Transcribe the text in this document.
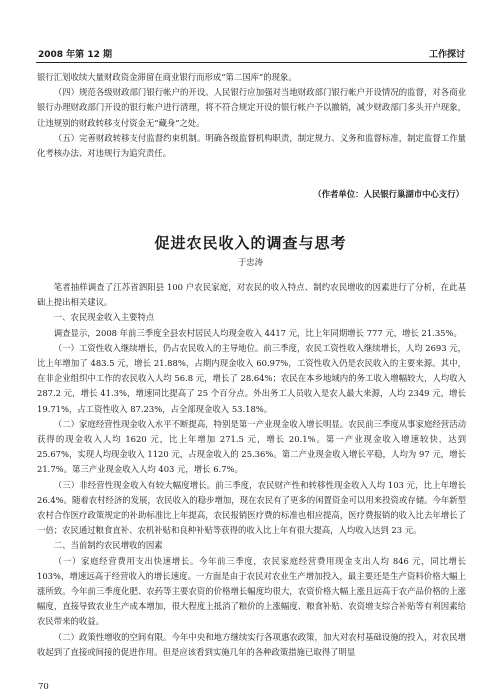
2008 年第 12 期	工作探讨

银行汇划收续大量财政资金滞留在商业银行而形成“第二国库”的现象。

（四）规范各级财政部门银行帐户的开设。人民银行应加强对当地财政部门银行帐户开设情况的监督，对各商业银行办理财政部门开设的银行帐户进行清理，将不符合规定开设的银行帐户予以撤销，减少财政部门多头开户现象，让违规别的财政转移支付资金无“藏身”之处。

（五）完善财政转移支付监督约束机制。明确各级监督机构职责，制定规力、义务和监督标准，制定监督工作量化考核办法、对违规行为追究责任。

（作者单位：人民银行巢湖市中心支行）
促进农民收入的调查与思考
于忠涛

笔者抽样调查了江苏省泗阳县 100 户农民家庭，对农民的收入特点、制约农民增收的因素进行了分析，在此基础上提出相关建议。

一、农民现金收入主要特点

调查显示，2008 年前三季度全县农村居民人均现金收入 4417 元，比上年同期增长 777 元，增长 21.35%。

（一）工资性收入继续增长，仍占农民收入的主导地位。前三季度，农民工资性收入继续增长，人均 2693 元，比上年增加了 483.5 元，增长 21.88%，占期内现金收入 60.97%，工资性收入仍是农民收入的主要来源。其中，在非企业组织中工作的农民收入人均 56.8 元，增长了 28.64%；农民在本乡地域内的务工收入增幅较大，人均收入 287.2 元，增长 41.3%，增速同比提高了 25 个百分点。外出务工人员收入是农人最大来源，人均 2349 元，增长 19.71%，占工资性收入 87.23%，占全部现金收入 53.18%。

（二）家庭经营性现金收入水平不断提高，特别是第一产业现金收入增长明显。农民前三季度从事家庭经营活动获得的现金收入人均 1620 元，比上年增加 271.5 元，增长 20.1%。第一产业现金收入增速较快，达到 25.67%，实现人均现金收入 1120 元，占现金收入的 25.36%。第二产业现金收入增长平稳，人均为 97 元，增长 21.7%。第三产业现金收入人均 403 元，增长 6.7%。

（三）非经营性现金收入有较大幅度增长。前三季度，农民财产性和转移性现金收入人均 103 元，比上年增长 26.4%。随着农村经济的发展，农民收入的稳步增加，现在农民有了更多的闲置资金可以用来投资或存储。今年新型农村合作医疗政策规定的补助标准比上年提高，农民报销医疗费的标准也相应提高，医疗费报销的收入比去年增长了一倍；农民通过粮食直补、农机补贴和良种补贴等获得的收入比上年有很大提高，人均收入达到 23 元。

二、当前制约农民增收的因素

（一）家庭经营费用支出快速增长。今年前三季度，农民家庭经营费用现金支出人均 846 元，同比增长 103%，增速远高于经营收入的增长速度。一方面是由于农民对农业生产增加投入，最主要还是生产资料价格大幅上涨所致。今年前三季度化肥、农药等主要农资的价格增长幅度均很大，农资价格大幅上涨且远高于农产品价格的上涨幅度，直接导致农业生产成本增加，很大程度上抵消了粮价的上涨幅度、粮食补贴、农资增支综合补贴等有利因素给农民带来的收益。

（二）政策性增收的空间有限。今年中央和地方继续实行各项惠农政策，加大对农村基础设施的投入，对农民增收起到了直接或间接的促进作用。但是应该看到实施几年的各种政策措施已取得了明显

70
